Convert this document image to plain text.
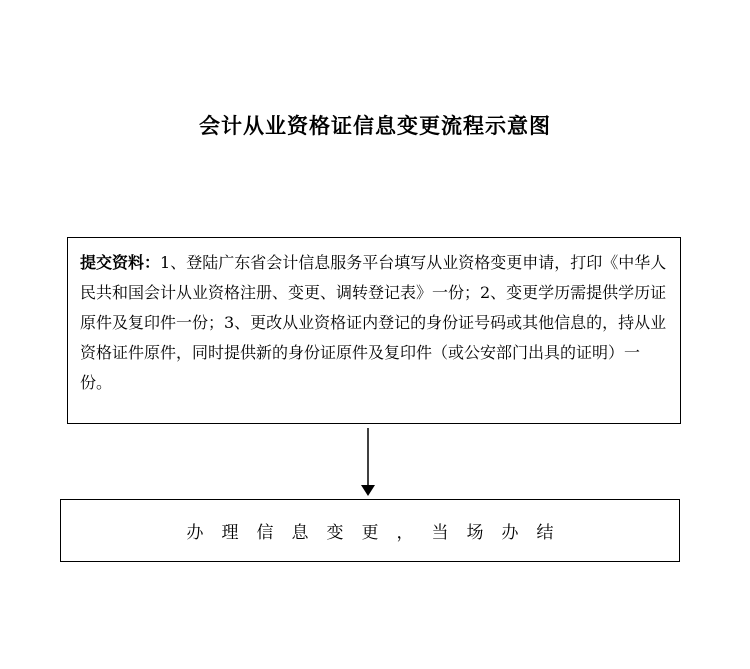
会计从业资格证信息变更流程示意图
提交资料：1、登陆广东省会计信息服务平台填写从业资格变更申请，打印《中华人民共和国会计从业资格注册、变更、调转登记表》一份；2、变更学历需提供学历证原件及复印件一份；3、更改从业资格证内登记的身份证号码或其他信息的，持从业资格证件原件，同时提供新的身份证原件及复印件（或公安部门出具的证明）一份。
办理信息变更，当场办结
